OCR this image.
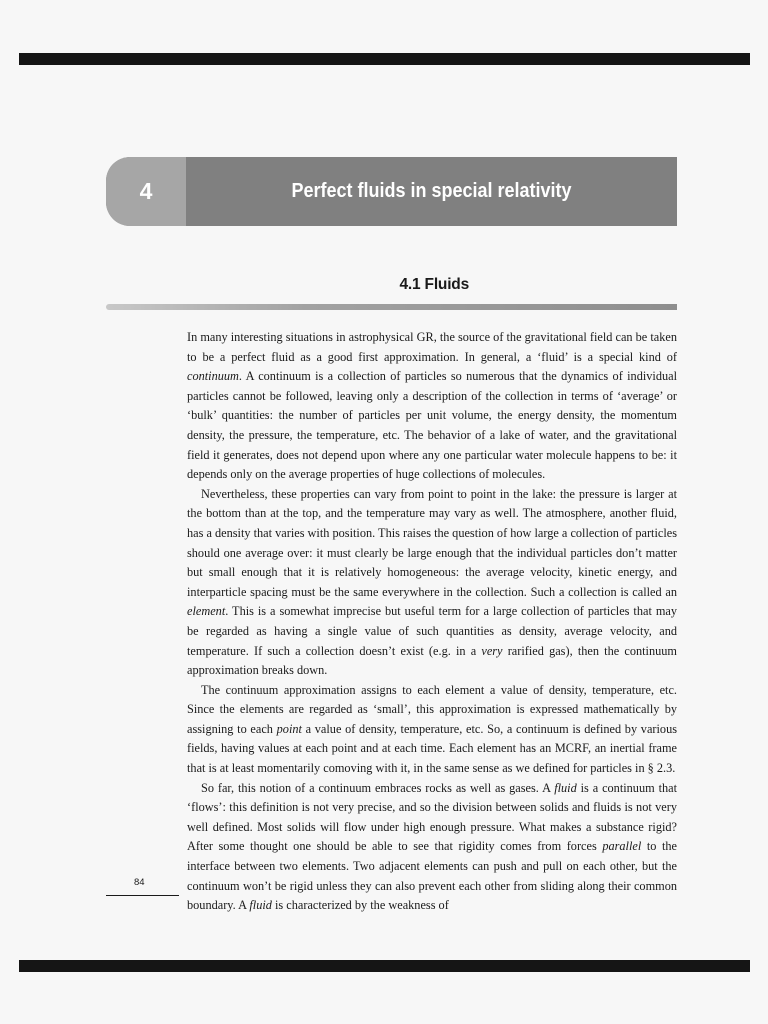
4	Perfect fluids in special relativity
4.1 Fluids

In many interesting situations in astrophysical GR, the source of the gravitational field can be taken to be a perfect fluid as a good first approximation. In general, a ‘fluid’ is a special kind of continuum. A continuum is a collection of particles so numerous that the dynamics of individual particles cannot be followed, leaving only a description of the collection in terms of ‘average’ or ‘bulk’ quantities: the number of particles per unit volume, the energy density, the momentum density, the pressure, the temperature, etc. The behavior of a lake of water, and the gravitational field it generates, does not depend upon where any one particular water molecule happens to be: it depends only on the average properties of huge collections of molecules.

Nevertheless, these properties can vary from point to point in the lake: the pressure is larger at the bottom than at the top, and the temperature may vary as well. The atmosphere, another fluid, has a density that varies with position. This raises the question of how large a collection of particles should one average over: it must clearly be large enough that the individual particles don’t matter but small enough that it is relatively homogeneous: the average velocity, kinetic energy, and interparticle spacing must be the same everywhere in the collection. Such a collection is called an element. This is a somewhat imprecise but useful term for a large collection of particles that may be regarded as having a single value of such quantities as density, average velocity, and temperature. If such a collection doesn’t exist (e.g. in a very rarified gas), then the continuum approximation breaks down.

The continuum approximation assigns to each element a value of density, temperature, etc. Since the elements are regarded as ‘small’, this approximation is expressed mathematically by assigning to each point a value of density, temperature, etc. So, a continuum is defined by various fields, having values at each point and at each time. Each element has an MCRF, an inertial frame that is at least momentarily comoving with it, in the same sense as we defined for particles in § 2.3.

So far, this notion of a continuum embraces rocks as well as gases. A fluid is a continuum that ‘flows’: this definition is not very precise, and so the division between solids and fluids is not very well defined. Most solids will flow under high enough pressure. What makes a substance rigid? After some thought one should be able to see that rigidity comes from forces parallel to the interface between two elements. Two adjacent elements can push and pull on each other, but the continuum won’t be rigid unless they can also prevent each other from sliding along their common boundary. A fluid is characterized by the weakness of

84
